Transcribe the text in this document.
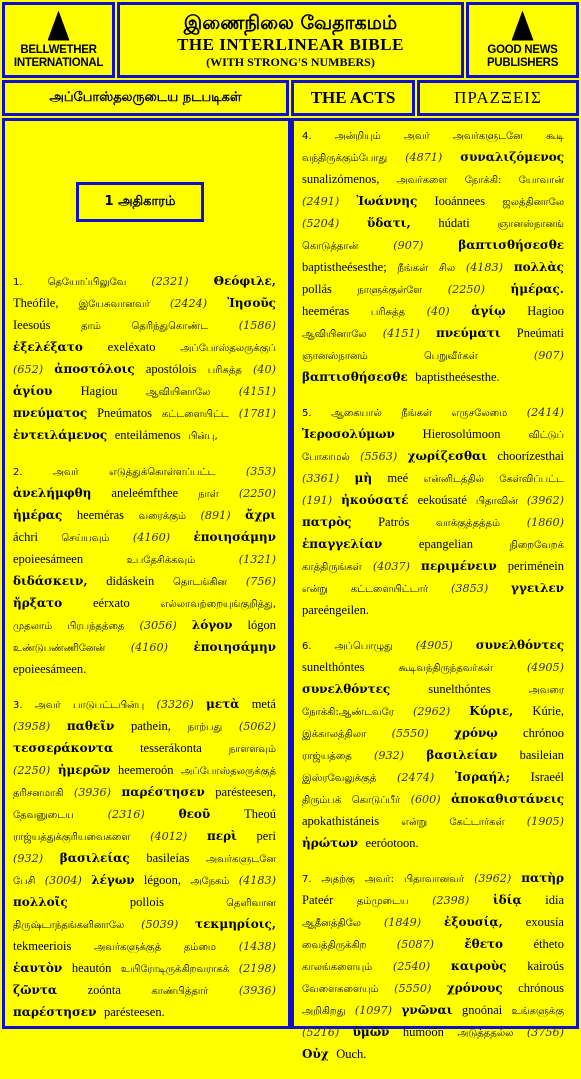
BELLWETHER
INTERNATIONAL
இணைநிலை வேதாகமம்
THE INTERLINEAR BIBLE
(WITH STRONG'S NUMBERS)
GOOD NEWS
PUBLISHERS
அப்போஸ்தலருடைய நடபடிகள்	THE ACTS	ΠΡΑΖΞΕΙΣ

1.	தெயோப்பிலுவே (2321) Θεόφιλε, Theófile, இயேசுவானவர் (2424) Ἰησοῦς Ieesoús	தாம்	தெரிந்துகொண்ட	(1586) ἐξελέξατο exeléxato அப்போஸ்தலருக்குப் (652) ἀποστόλοις apostólois பரிசுத்த (40) ἁγίου Hagiou	ஆவியினாலே	(4151) πνεύματος Pneúmatos கட்டளையிட்ட (1781) ἐντειλάμενος enteilámenos பின்பு,

2.	அவர்	எடுத்துக்கொள்ளப்பட்ட	(353) ἀνελήμφθη aneleémfthee நாள் (2250) ἡμέρας heeméras வரைக்கும் (891) ἄχρι áchri செய்யவும் (4160) ἐποιησάμην epoieesámeen	உபதேசிக்கவும்	(1321) διδάσκειν, didáskein தொடங்கின (756) ἤρξατο eérxato	எல்லாவற்றையுங்குறித்து, முதலாம் பிரபந்தத்தை (3056) λόγον lógon உண்டுபண்ணினேன் (4160) ἐποιησάμην epoieesámeen.

3. அவர் பாடுபட்டபின்பு (3326) μετὰ metá (3958) παθεῖν pathein, நாற்பது (5062) τεσσεράκοντα tesserákonta	நாளளவும் (2250) ἡμερῶν heemeroón அப்போஸ்தலருக்குத் தரிசனமாகி (3936) παρέστησεν parésteesen, தேவனுடைய	(2316)	θεοῦ	Theoú ராஜ்யத்துக்குரியவைகளை (4012) περὶ peri (932) βασιλείας basileías அவர்களுடனே பேசி (3004) λέγων légoon, அநேகம் (4183) πολλοῖς	pollois	தெளிவான திருஷ்டாந்தங்களினாலே (5039) τεκμηρίοις, tekmeeriois அவர்களுக்குத் தம்மை (1438) ἑαυτὸν heautón உயிரோடிருக்கிறவராகக் (2198) ζῶντα zoónta	காண்பித்தார்	(3936) παρέστησεν parésteesen.

1 அதிகாரம்

4. அன்றியும் அவர் அவர்களுடனே கூடி வந்திருக்கும்போது (4871) συναλιζόμενος sunalizómenos, அவர்களை நோக்கி: யோவான் (2491) Ἰωάννης Iooánnees ஜலத்தினாலே (5204) ὕδατι, húdati	ஞானஸ்நானங் கொடுத்தான்	(907)	βαπτισθήσεσθε baptistheésesthe; நீங்கள் சில (4183) πολλὰς pollás	நாளுக்குள்ளே (2250) ἡμέρας. heeméras பரிசுத்த (40) ἁγίῳ Hagioo ஆவியினாலே (4151) πνεύματι Pneúmati ஞானஸ்நானம்	பெறுவீர்கள்	(907) βαπτισθήσεσθε baptistheésesthe.

5. ஆகையால் நீங்கள் எருசலேமை (2414) Ἱεροσολύμων Hierosolúmoon	விட்டுப் போகாமல் (5563) χωρίζεσθαι choorízesthai (3361) μὴ meé என்னிடத்தில் கேள்விப்பட்ட (191) ἠκούσατέ eekoúsaté பிதாவின் (3962) πατρὸς Patrós	வாக்குத்தத்தம் (1860) ἐπαγγελίαν	epangelian	நிறைவேறக் காத்திருங்கள் (4037) περιμένειν periménein என்று கட்டளையிட்டார் (3853) γγειλεν pareéngeilen.

6. அப்பொழுது (4905) συνελθόντες sunelthóntes	கூடிவந்திருந்தவர்கள்	(4905) συνελθόντες	sunelthóntes	அவரை நோக்கி:ஆண்டவரே (2962) Κύριε, Kúrie, இக்காலத்திலா (5550) χρόνῳ chrónoo ராஜ்யத்தை (932) βασιλείαν basileian இஸ்ரவேலுக்குத் (2474) Ἰσραήλ; Israeél திரும்பக் கொடுப்பீர் (600) ἀποκαθιστάνεις apokathistáneis என்று கேட்டார்கள் (1905) ἠρώτων eeróotoon.

7. அதற்கு அவர்: பிதாவானவர் (3962) πατὴρ Pateér தம்முடைய (2398) ἰδίᾳ idia ஆதீனத்திலே (1849) ἐξουσίᾳ, exousía வைத்திருக்கிற	(5087)	ἔθετο étheto காலங்களையும் (2540) καιροὺς kairoús வேளைகளையும் (5550) χρόνους chrónous அறிகிறது (1097) γνῶναι gnoónai உங்களுக்கு (5216) ὑμῶν humoón அடுத்ததல்ல (3756) Οὐχ Ouch.
